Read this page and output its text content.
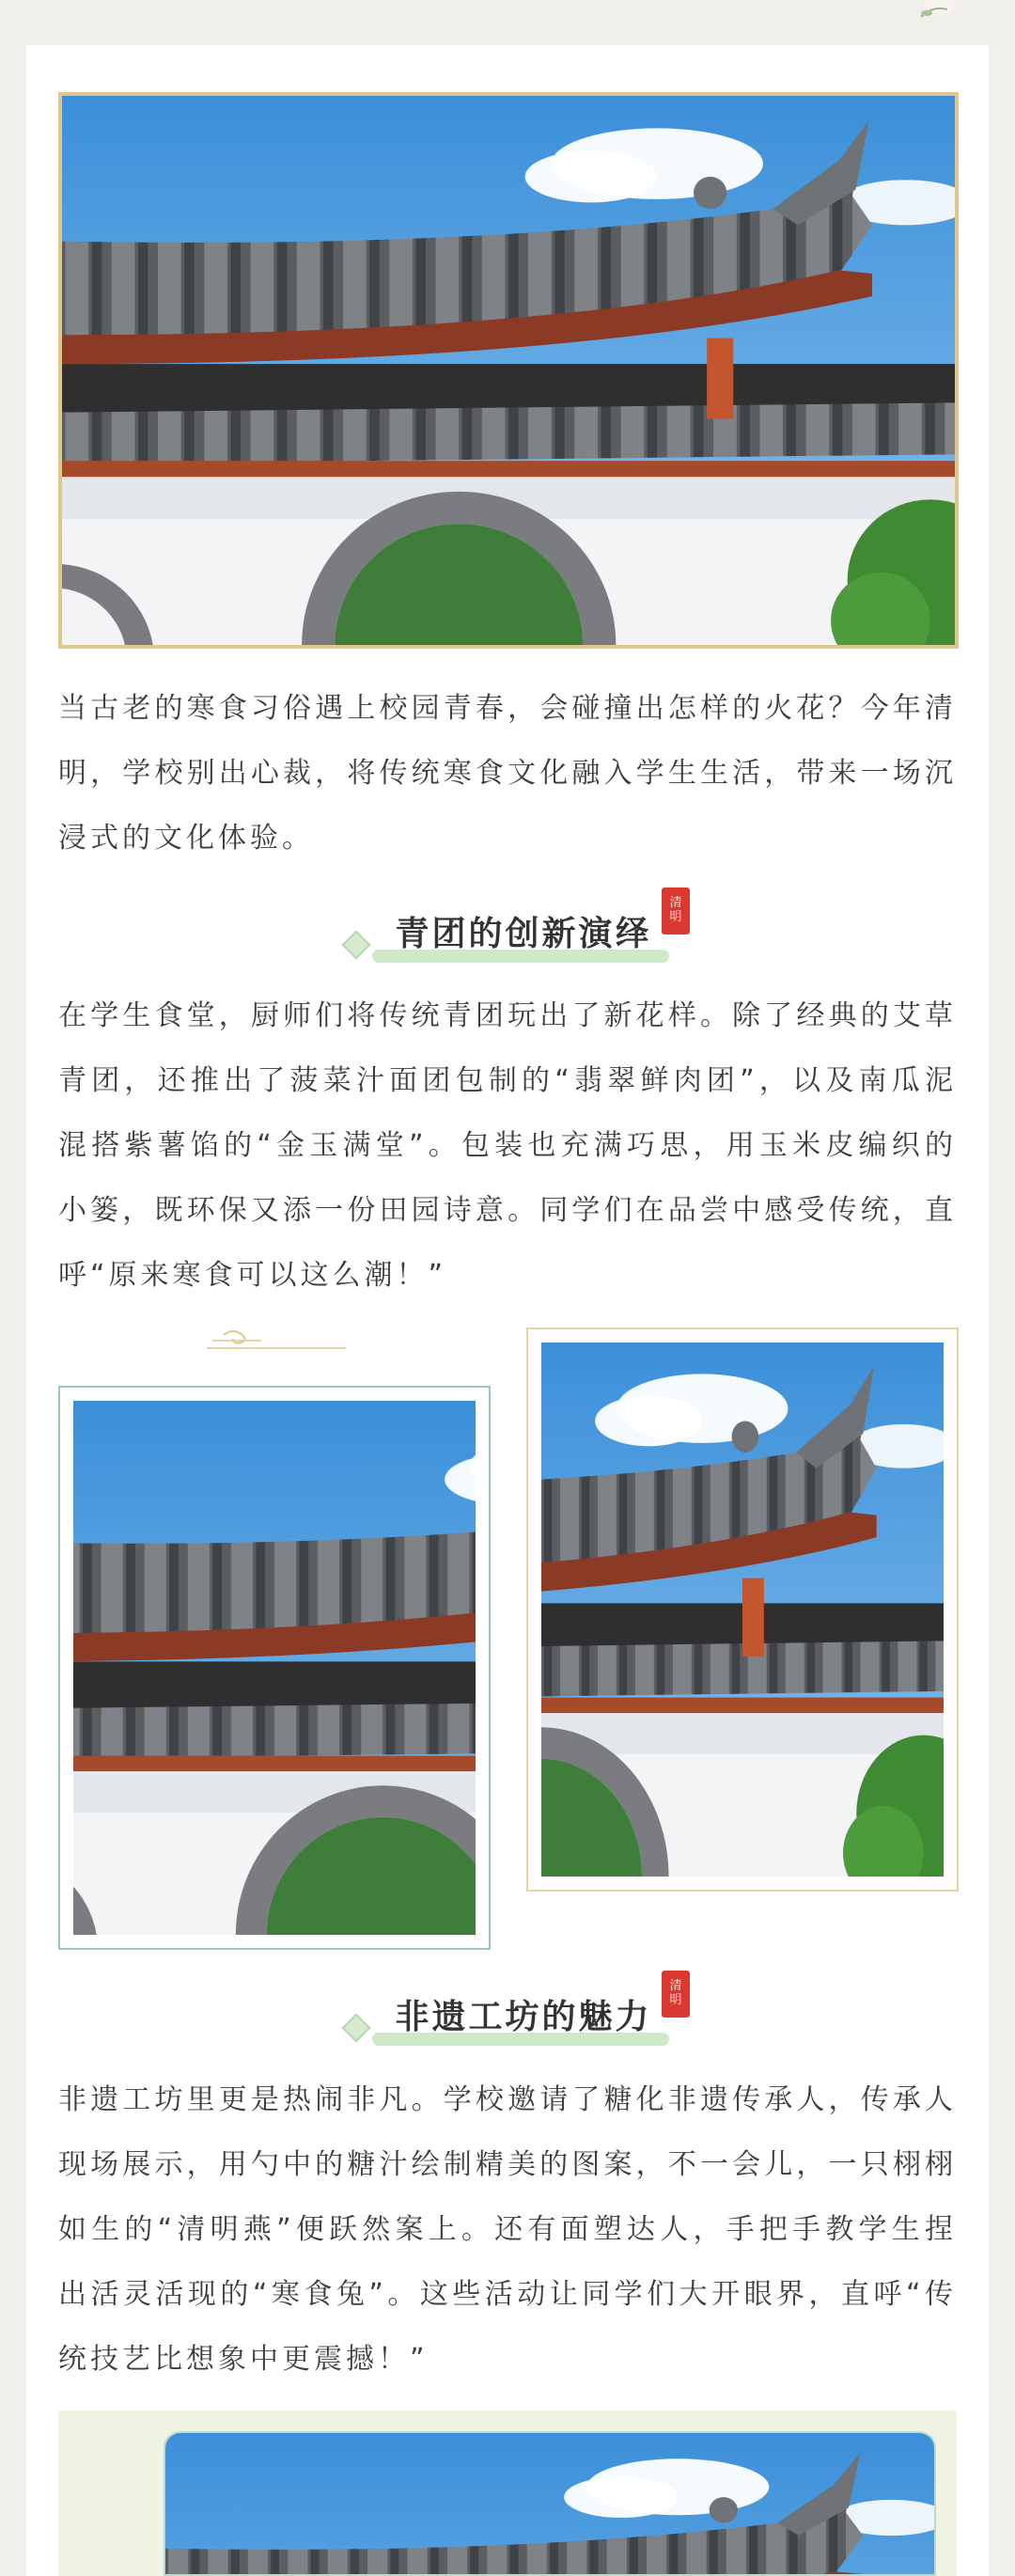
当古老的寒食习俗遇上校园青春，会碰撞出怎样的火花？今年清明，学校别出心裁，将传统寒食文化融入学生生活，带来一场沉浸式的文化体验。

青团的创新演绎
清
明

在学生食堂，厨师们将传统青团玩出了新花样。除了经典的艾草青团，还推出了菠菜汁面团包制的“翡翠鲜肉团”，以及南瓜泥混搭紫薯馅的“金玉满堂”。包装也充满巧思，用玉米皮编织的小篓，既环保又添一份田园诗意。同学们在品尝中感受传统，直呼“原来寒食可以这么潮！”

非遗工坊的魅力
清
明

非遗工坊里更是热闹非凡。学校邀请了糖化非遗传承人，传承人现场展示，用勺中的糖汁绘制精美的图案，不一会儿，一只栩栩如生的“清明燕”便跃然案上。还有面塑达人，手把手教学生捏出活灵活现的“寒食兔”。这些活动让同学们大开眼界，直呼“传统技艺比想象中更震撼！”
